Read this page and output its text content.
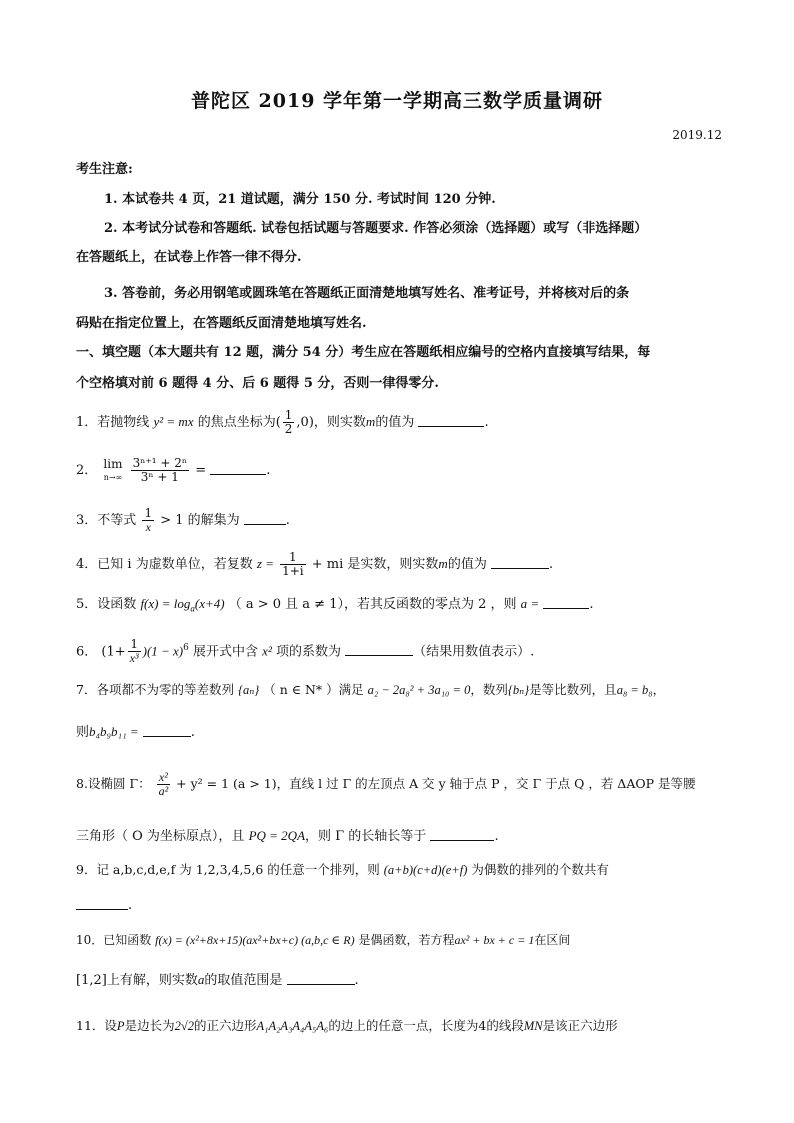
普陀区 2019 学年第一学期高三数学质量调研
2019.12
考生注意:
1. 本试卷共 4 页，21 道试题，满分 150 分. 考试时间 120 分钟.
2. 本考试分试卷和答题纸. 试卷包括试题与答题要求. 作答必须涂（选择题）或写（非选择题）
在答题纸上，在试卷上作答一律不得分.
3. 答卷前，务必用钢笔或圆珠笔在答题纸正面清楚地填写姓名、准考证号，并将核对后的条
码贴在指定位置上，在答题纸反面清楚地填写姓名.
一、填空题（本大题共有 12 题，满分 54 分）考生应在答题纸相应编号的空格内直接填写结果，每
个空格填对前 6 题得 4 分、后 6 题得 5 分，否则一律得零分.
1．若抛物线 y² = mx 的焦点坐标为( $\frac{1}{2} ,0$)，则实数m的值为	.
2． lim
n→∞
$\frac{\text{3ⁿ⁺¹ + 2ⁿ}}{\text{3ⁿ + 1}}$ =	.
3．不等式 $\frac{1}{x} > 1$ 的解集为	.
4．已知 i 为虚数单位，若复数 $z = \frac{1}{1+i}$ + mi 是实数，则实数m的值为	.
5．设函数 $f(x) = \log_a(x+4)$ （ a > 0 且 a ≠ 1），若其反函数的零点为 2 ，则 a =	.
6． $(1+ \frac{1}{\text{x³}} )(1 - x)^6$ 展开式中含 x² 项的系数为	（结果用数值表示）.
7．各项都不为零的等差数列 {aₙ} （ n ∈ N* ）满足 a₂ − 2a₈² + 3a₁₀ = 0，数列{bₙ}是等比数列，且a₈ = b₈，
则b₄b₉b₁₁ =	.
8.设椭圆 Γ： $\frac{\text{x²}}{\text{a²}} + y^2 = 1$ (a > 1)，直线 l 过 Γ 的左顶点 A 交 y 轴于点 P ，交 Γ 于点 Q ，若 ΔAOP 是等腰
三角形（ O 为坐标原点），且 PQ = 2QA，则 Γ 的长轴长等于	.
9．记 a,b,c,d,e,f 为 1,2,3,4,5,6 的任意一个排列，则 (a+b)(c+d)(e+f) 为偶数的排列的个数共有
.
10．已知函数 f(x) = (x²+8x+15)(ax²+bx+c) (a,b,c ∈ R) 是偶函数，若方程ax² + bx + c = 1在区间
[1,2]上有解，则实数a的取值范围是	.
11．设P是边长为2√2的正六边形A₁A₂A₃A₄A₅A₆的边上的任意一点，长度为4的线段MN是该正六边形
